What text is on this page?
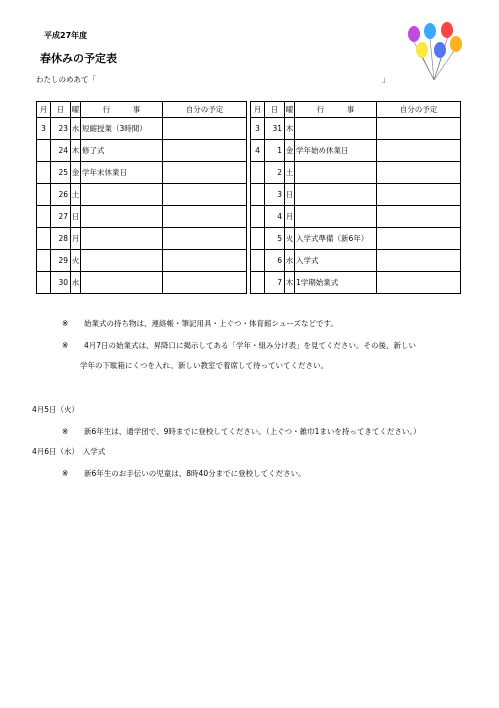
平成27年度
春休みの予定表
わたしのめあて「	」
月	日	曜	行　　　事	自分の予定
3	23	水	短縮授業（3時間）	
	24	木	修了式	
	25	金	学年末休業日	
	26	土		
	27	日		
	28	月		
	29	火		
	30	水		
月	日	曜	行　　　事	自分の予定
3	31	木		
4	1	金	学年始め休業日	
	2	土		
	3	日		
	4	月		
	5	火	入学式準備（新6年）	
	6	水	入学式	
	7	木	1学期始業式	
※ 始業式の持ち物は、連絡帳・筆記用具・上ぐつ・体育館シューズなどです。
※ 4月7日の始業式は、昇降口に掲示してある「学年・組み分け表」を見てください。その後、新しい
学年の下駄箱にくつを入れ、新しい教室で着席して待っていてください。
4月5日（火）
※ 新6年生は、通学団で、9時までに登校してください。（上ぐつ・雑巾1まいを持ってきてください。）
4月6日（水）　入学式
※ 新6年生のお手伝いの児童は、8時40分までに登校してください。
